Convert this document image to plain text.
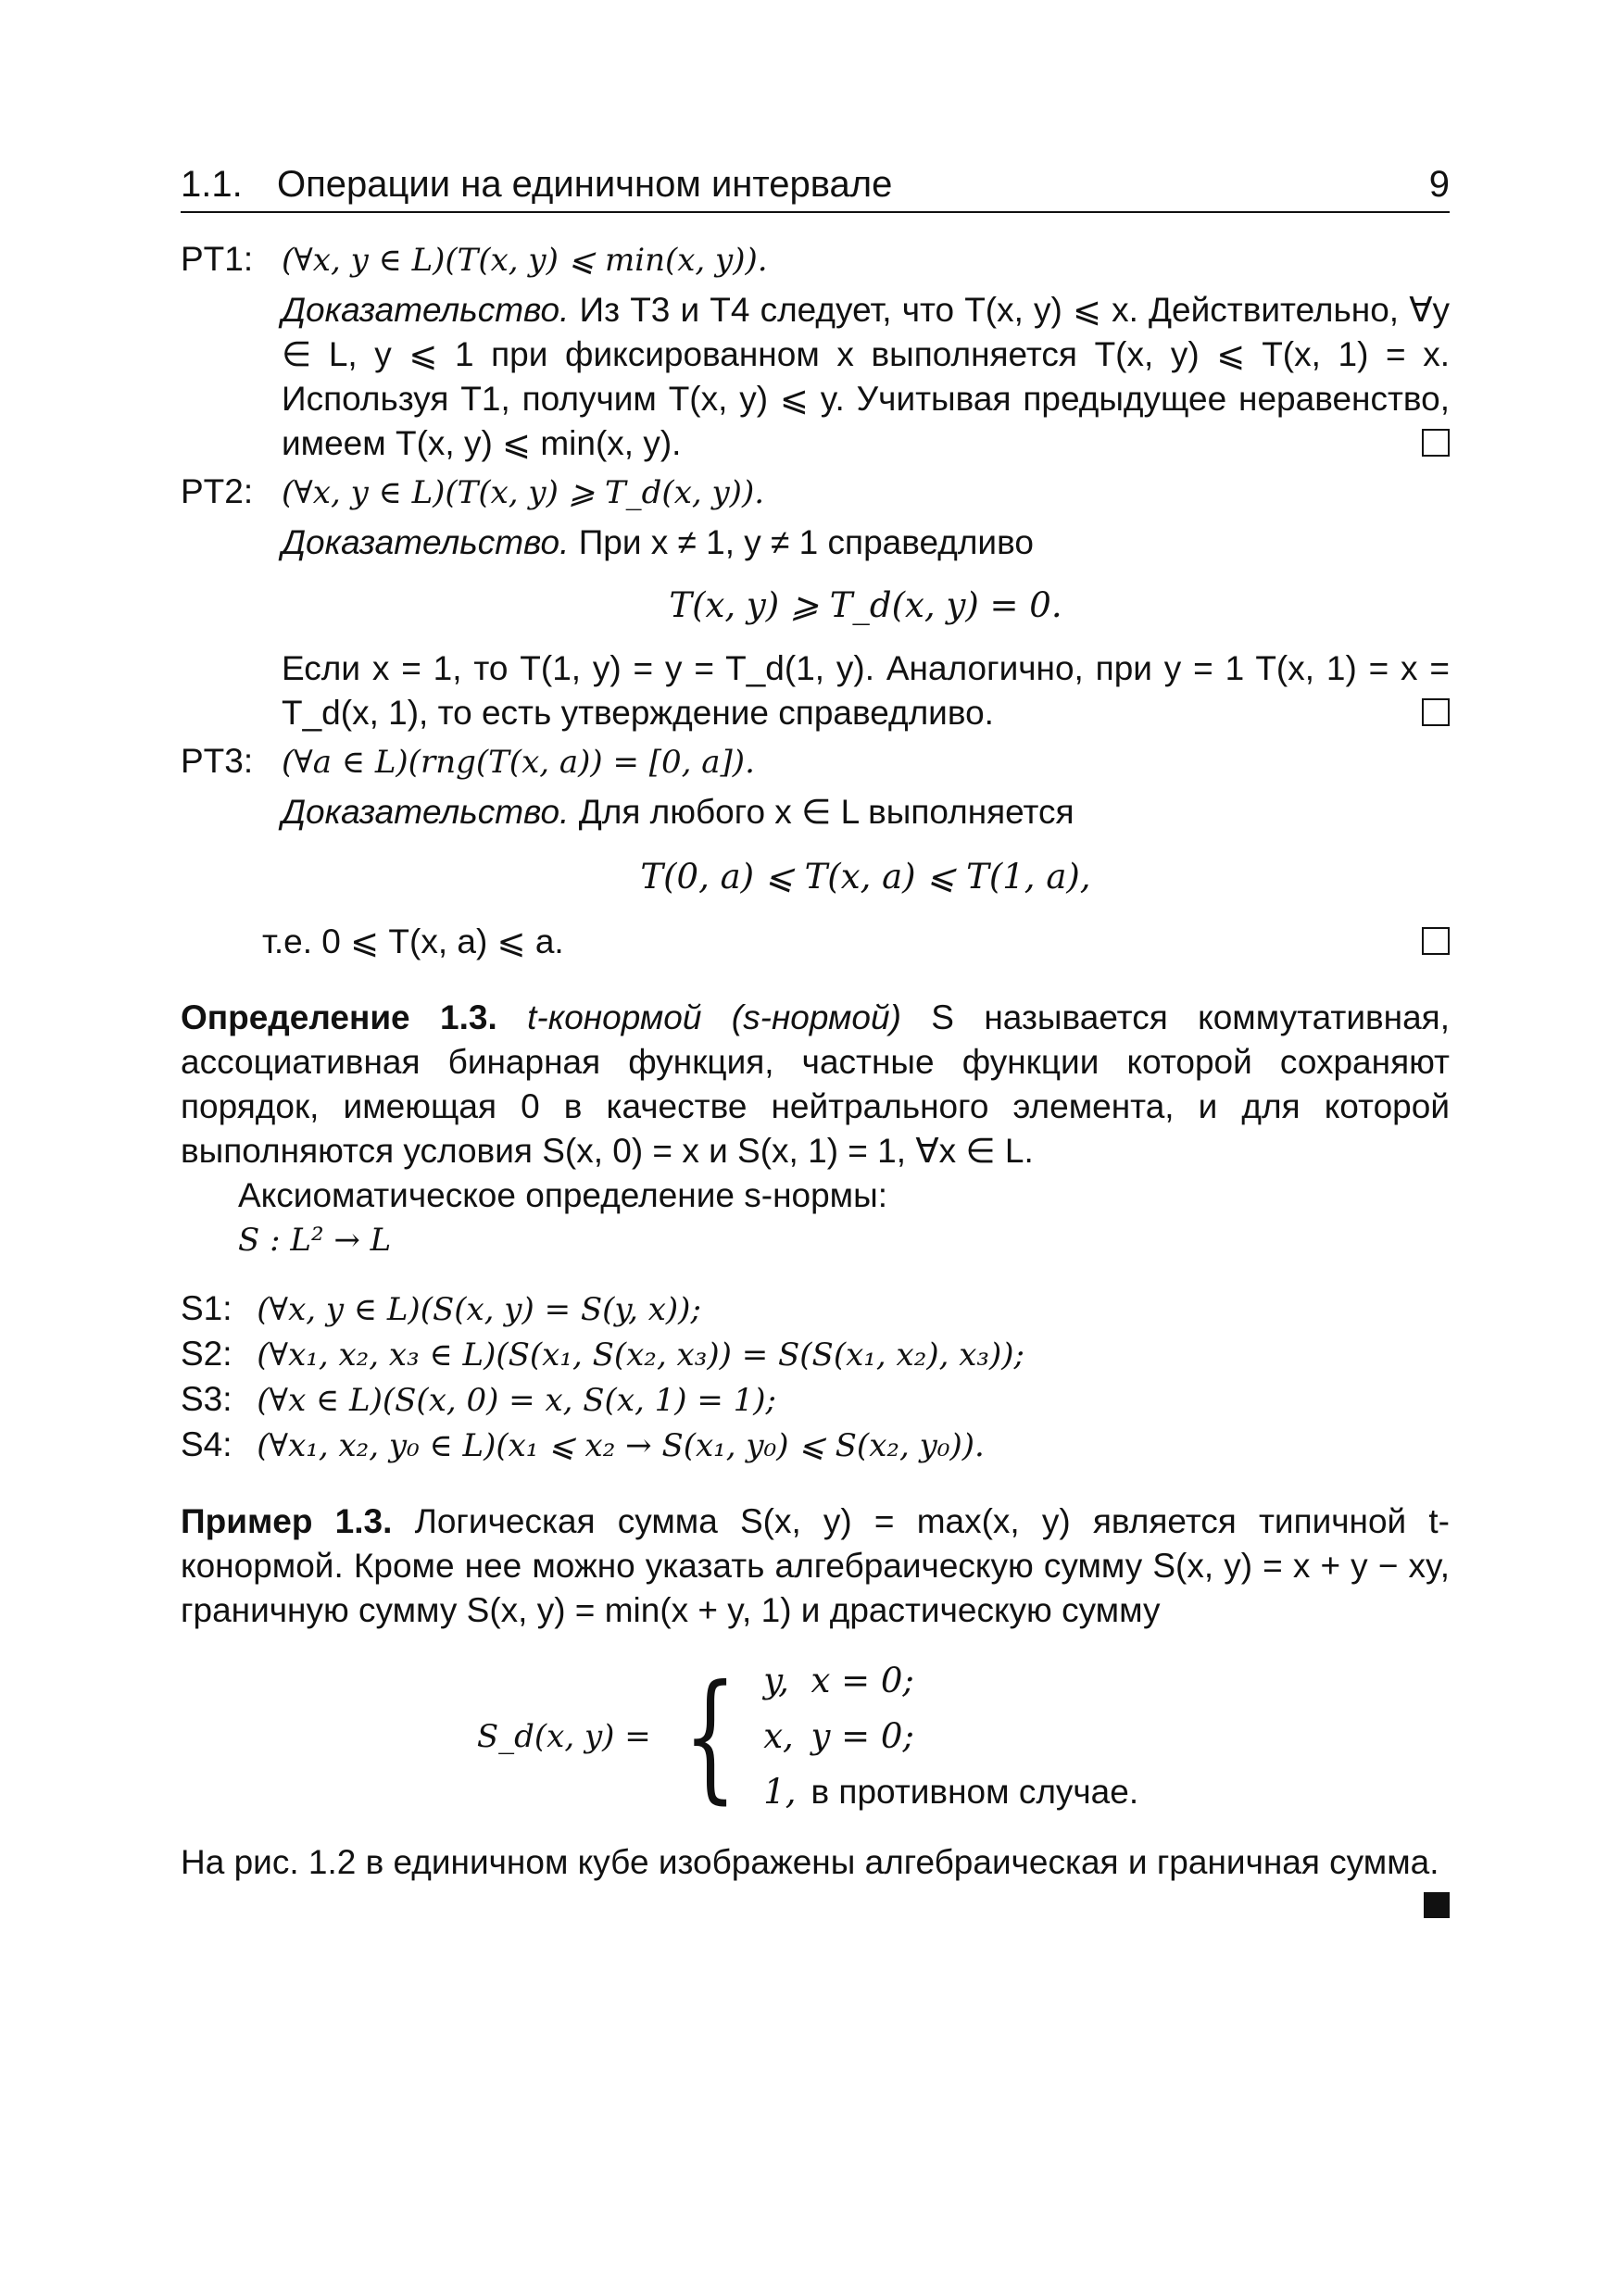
1.1. Операции на единичном интервале	9

PT1: (∀x, y ∈ L)(T(x, y) ⩽ min(x, y)).

Доказательство. Из T3 и T4 следует, что T(x, y) ⩽ x. Действительно, ∀y ∈ L, y ⩽ 1 при фиксированном x выполняется T(x, y) ⩽ T(x, 1) = x. Используя T1, получим T(x, y) ⩽ y. Учитывая предыдущее неравенство, имеем T(x, y) ⩽ min(x, y).

PT2: (∀x, y ∈ L)(T(x, y) ⩾ T_d(x, y)).

Доказательство. При x ≠ 1, y ≠ 1 справедливо

T(x, y) ⩾ T_d(x, y) = 0.

Если x = 1, то T(1, y) = y = T_d(1, y). Аналогично, при y = 1 T(x, 1) = x = T_d(x, 1), то есть утверждение справедливо.

PT3: (∀a ∈ L)(rng(T(x, a)) = [0, a]).

Доказательство. Для любого x ∈ L выполняется

T(0, a) ⩽ T(x, a) ⩽ T(1, a),

т.е. 0 ⩽ T(x, a) ⩽ a.

Определение 1.3. t-конормой (s-нормой) S называется коммутативная, ассоциативная бинарная функция, частные функции которой сохраняют порядок, имеющая 0 в качестве нейтрального элемента, и для которой выполняются условия S(x, 0) = x и S(x, 1) = 1, ∀x ∈ L.

Аксиоматическое определение s-нормы:

S : L² → L

S1: (∀x, y ∈ L)(S(x, y) = S(y, x));

S2: (∀x₁, x₂, x₃ ∈ L)(S(x₁, S(x₂, x₃)) = S(S(x₁, x₂), x₃));

S3: (∀x ∈ L)(S(x, 0) = x, S(x, 1) = 1);

S4: (∀x₁, x₂, y₀ ∈ L)(x₁ ⩽ x₂ → S(x₁, y₀) ⩽ S(x₂, y₀)).

Пример 1.3. Логическая сумма S(x, y) = max(x, y) является типичной t-конормой. Кроме нее можно указать алгебраическую сумму S(x, y) = x + y − xy, граничную сумму S(x, y) = min(x + y, 1) и драстическую сумму

S_d(x, y) = { y,	x = 0;
x,	y = 0;
1,	в противном случае.

На рис. 1.2 в единичном кубе изображены алгебраическая и граничная сумма.
